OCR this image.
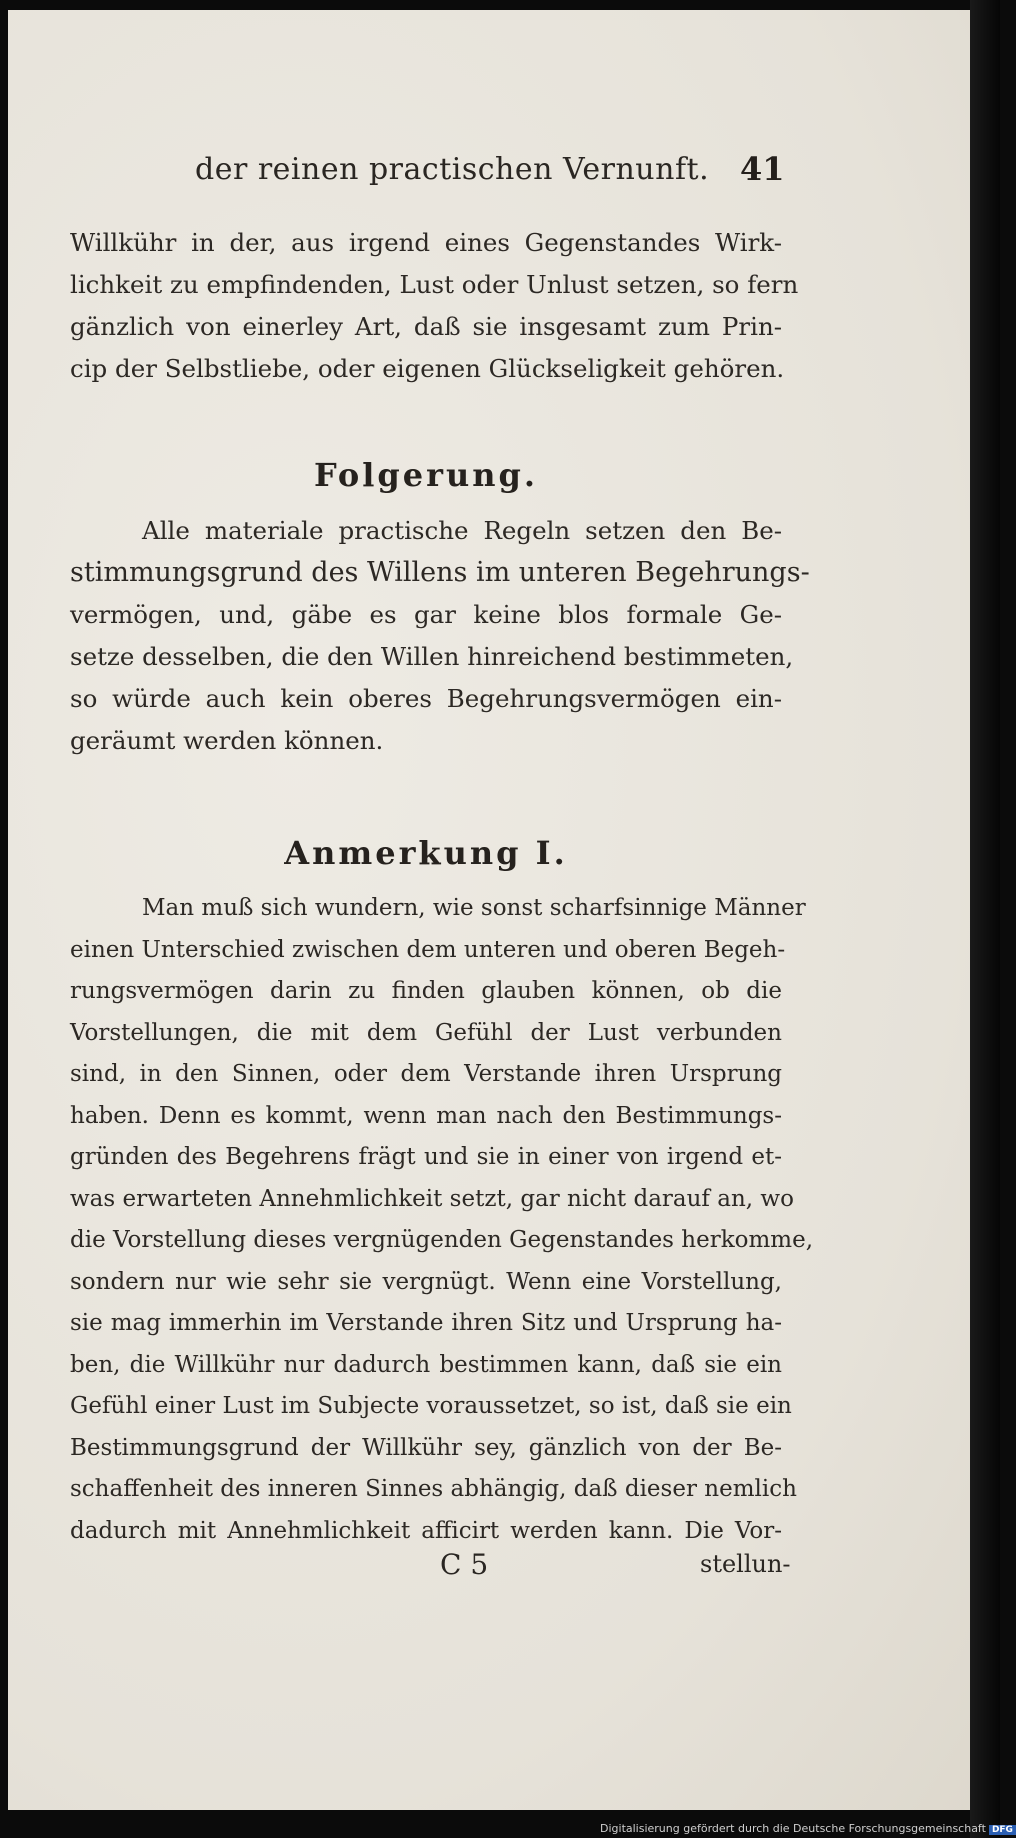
der reinen practischen Vernunft. 41
Willkühr in der, aus irgend eines Gegenstandes Wirk-
lichkeit zu empfindenden, Lust oder Unlust setzen, so fern
gänzlich von einerley Art, daß sie insgesamt zum Prin-
cip der Selbstliebe, oder eigenen Glückseligkeit gehören.
Folgerung.
Alle materiale practische Regeln setzen den Be-
stimmungsgrund des Willens im unteren Begehrungs-
vermögen, und, gäbe es gar keine blos formale Ge-
setze desselben, die den Willen hinreichend bestimmeten,
so würde auch kein oberes Begehrungsvermögen ein-
geräumt werden können.
Anmerkung I.
Man muß sich wundern, wie sonst scharfsinnige Männer
einen Unterschied zwischen dem unteren und oberen Begeh-
rungsvermögen darin zu finden glauben können, ob die
Vorstellungen, die mit dem Gefühl der Lust verbunden
sind, in den Sinnen, oder dem Verstande ihren Ursprung
haben. Denn es kommt, wenn man nach den Bestimmungs-
gründen des Begehrens frägt und sie in einer von irgend et-
was erwarteten Annehmlichkeit setzt, gar nicht darauf an, wo
die Vorstellung dieses vergnügenden Gegenstandes herkomme,
sondern nur wie sehr sie vergnügt. Wenn eine Vorstellung,
sie mag immerhin im Verstande ihren Sitz und Ursprung ha-
ben, die Willkühr nur dadurch bestimmen kann, daß sie ein
Gefühl einer Lust im Subjecte voraussetzet, so ist, daß sie ein
Bestimmungsgrund der Willkühr sey, gänzlich von der Be-
schaffenheit des inneren Sinnes abhängig, daß dieser nemlich
dadurch mit Annehmlichkeit afficirt werden kann. Die Vor-
C 5	stellun-
Digitalisierung gefördert durch die Deutsche Forschungsgemeinschaft DFG
